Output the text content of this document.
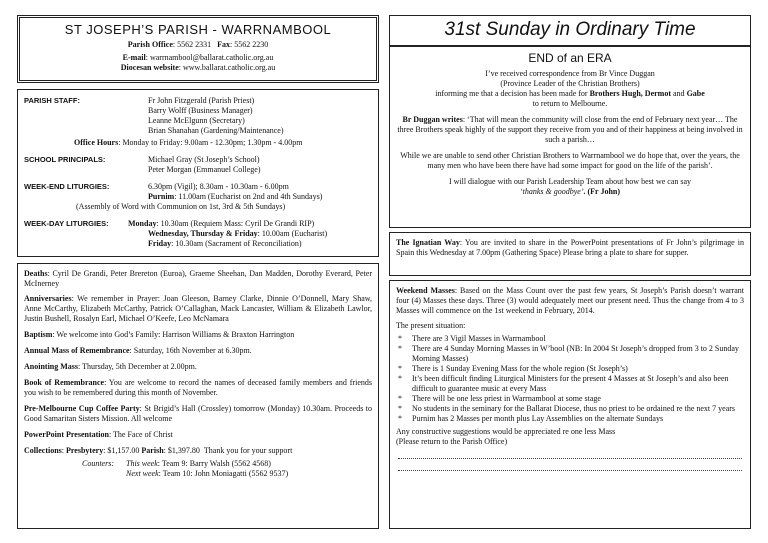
ST JOSEPH’S PARISH - WARRNAMBOOL
Parish Office: 5562 2331 Fax: 5562 2230
E-mail: warrnambool@ballarat.catholic.org.au
Diocesan website: www.ballarat.catholic.org.au
PARISH STAFF:	Fr John Fitzgerald (Parish Priest)
Barry Wolff (Business Manager)
Leanne McElgunn (Secretary)
Brian Shanahan (Gardening/Maintenance)
Office Hours: Monday to Friday: 9.00am - 12.30pm; 1.30pm - 4.00pm
SCHOOL PRINCIPALS:	Michael Gray (St Joseph’s School)
Peter Morgan (Emmanuel College)
WEEK-END LITURGIES:	6.30pm (Vigil); 8.30am - 10.30am - 6.00pm
Purnim: 11.00am (Eucharist on 2nd and 4th Sundays)
(Assembly of Word with Communion on 1st, 3rd & 5th Sundays)
WEEK-DAY LITURGIES:	Monday: 10.30am (Requiem Mass: Cyril De Grandi RIP)
Wednesday, Thursday & Friday: 10.00am (Eucharist)
Friday: 10.30am (Sacrament of Reconciliation)

Deaths: Cyril De Grandi, Peter Brereton (Euroa), Graeme Sheehan, Dan Madden, Dorothy Everard, Peter McInerney

Anniversaries: We remember in Prayer: Joan Gleeson, Barney Clarke, Dinnie O’Donnell, Mary Shaw, Anne McCarthy, Elizabeth McCarthy, Patrick O’Callaghan, Mack Lancaster, William & Elizabeth Lawlor, Justin Bushell, Rosalyn Earl, Michael O’Keefe, Leo McNamara

Baptism: We welcome into God’s Family: Harrison Williams & Braxton Harrington

Annual Mass of Remembrance: Saturday, 16th November at 6.30pm.

Anointing Mass: Thursday, 5th December at 2.00pm.

Book of Remembrance: You are welcome to record the names of deceased family members and friends you wish to be remembered during this month of November.

Pre-Melbourne Cup Coffee Party: St Brigid’s Hall (Crossley) tomorrow (Monday) 10.30am. Proceeds to Good Samaritan Sisters Mission. All welcome

PowerPoint Presentation: The Face of Christ

Collections: Presbytery: $1,157.00 Parish: $1,397.80 Thank you for your support

Counters:	This week: Team 9: Barry Walsh (5562 4568)
Next week: Team 10: John Moniagatti (5562 9537)
31st Sunday in Ordinary Time
END of an ERA
I’ve received correspondence from Br Vince Duggan
(Province Leader of the Christian Brothers)
informing me that a decision has been made for Brothers Hugh, Dermot and Gabe
to return to Melbourne.

Br Duggan writes: ‘That will mean the community will close from the end of February next year… The three Brothers speak highly of the support they receive from you and of their happiness at being involved in such a parish…

While we are unable to send other Christian Brothers to Warrnambool we do hope that, over the years, the many men who have been there have had some impact for good on the life of the parish’.

I will dialogue with our Parish Leadership Team about how best we can say
‘thanks & goodbye’. (Fr John)

The Ignatian Way: You are invited to share in the PowerPoint presentations of Fr John’s pilgrimage in Spain this Wednesday at 7.00pm (Gathering Space) Please bring a plate to share for supper.

Weekend Masses: Based on the Mass Count over the past few years, St Joseph’s Parish doesn’t warrant four (4) Masses these days. Three (3) would adequately meet our present need. Thus the change from 4 to 3 Masses will commence on the 1st weekend in February, 2014.

The present situation:

* There are 3 Vigil Masses in Warrnambool
* There are 4 Sunday Morning Masses in W’bool (NB: In 2004 St Joseph’s dropped from 3 to 2 Sunday Morning Masses)
* There is 1 Sunday Evening Mass for the whole region (St Joseph’s)
* It’s been difficult finding Liturgical Ministers for the present 4 Masses at St Joseph’s and also been difficult to guarantee music at every Mass
* There will be one less priest in Warrnambool at some stage
* No students in the seminary for the Ballarat Diocese, thus no priest to be ordained re the next 7 years
* Purnim has 2 Masses per month plus Lay Assemblies on the alternate Sundays

Any constructive suggestions would be appreciated re one less Mass

(Please return to the Parish Office)
